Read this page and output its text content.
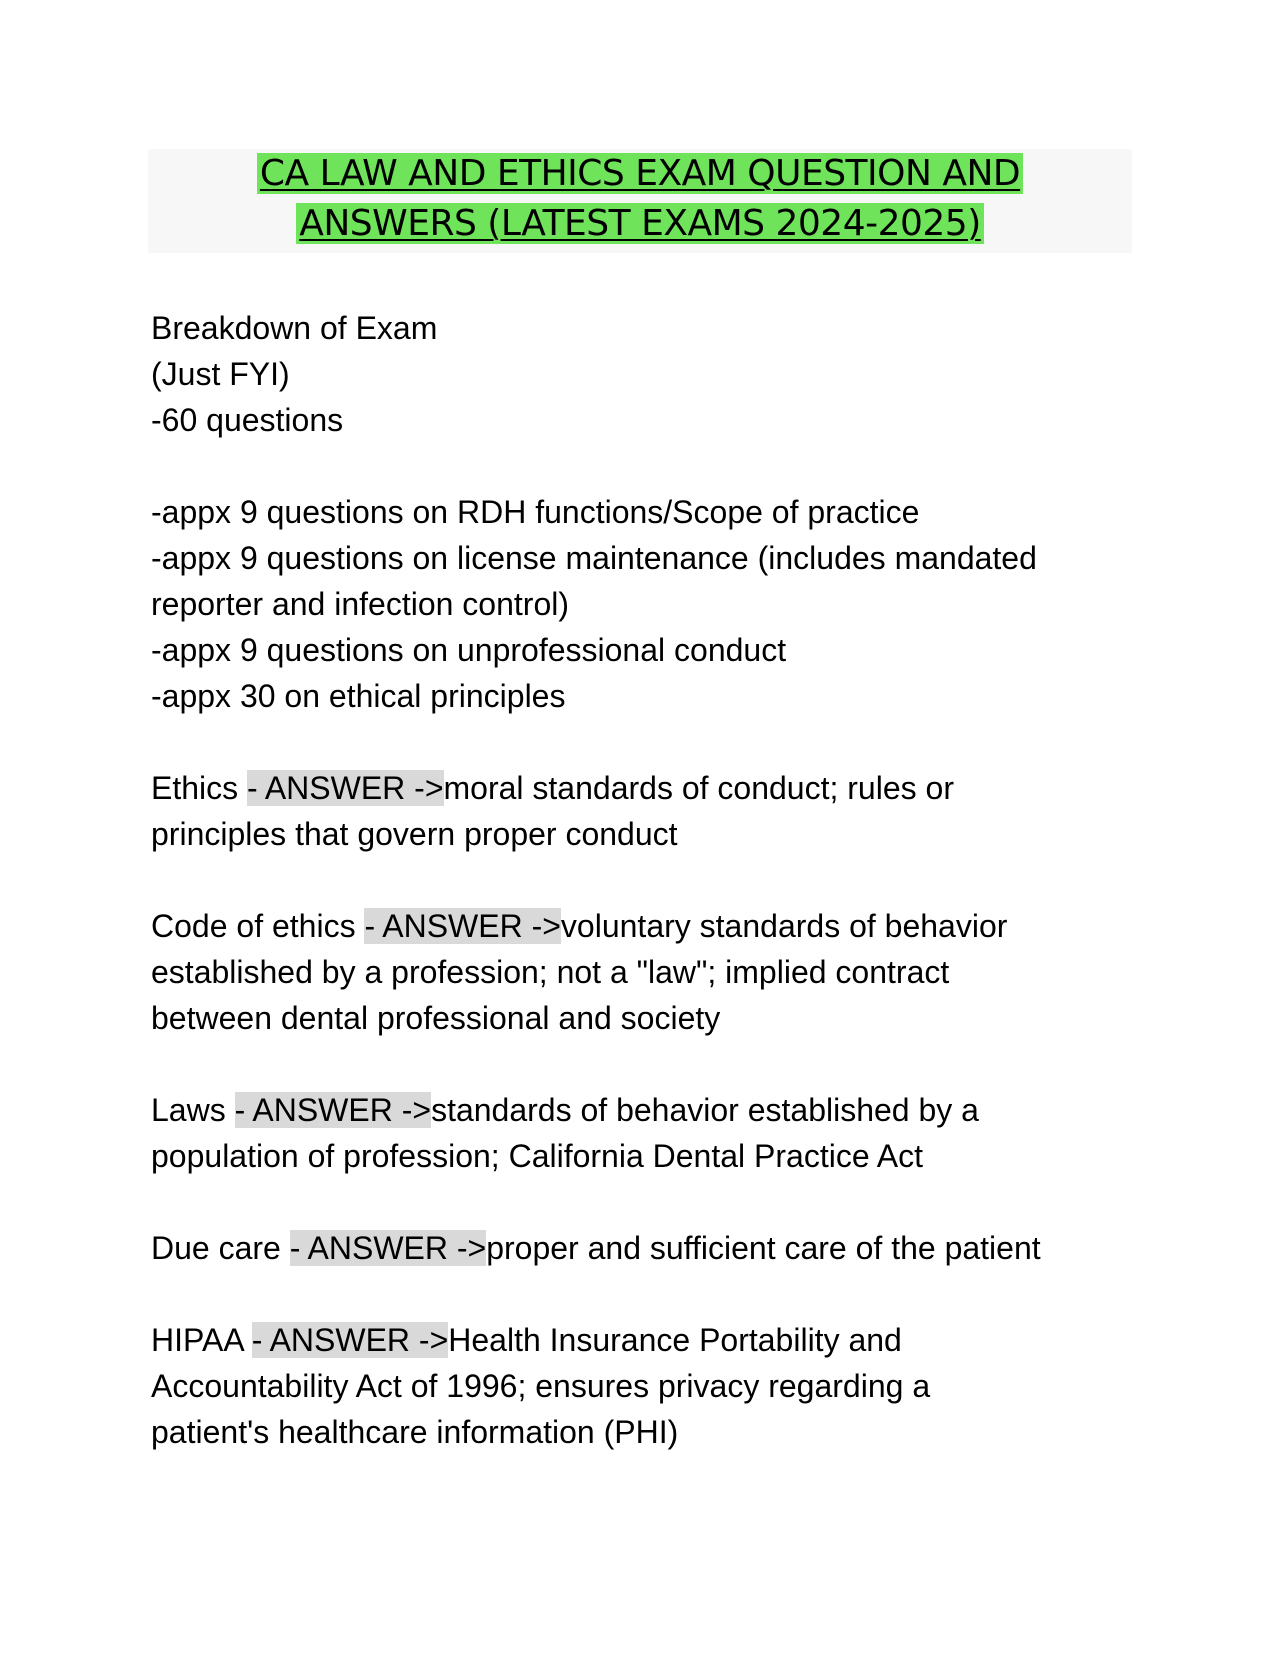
CA LAW AND ETHICS EXAM QUESTION AND
ANSWERS (LATEST EXAMS 2024-2025)
Breakdown of Exam
(Just FYI)
-60 questions
-appx 9 questions on RDH functions/Scope of practice
-appx 9 questions on license maintenance (includes mandated
reporter and infection control)
-appx 9 questions on unprofessional conduct
-appx 30 on ethical principles
Ethics - ANSWER ->moral standards of conduct; rules or
principles that govern proper conduct
Code of ethics - ANSWER ->voluntary standards of behavior
established by a profession; not a "law"; implied contract
between dental professional and society
Laws - ANSWER ->standards of behavior established by a
population of profession; California Dental Practice Act
Due care - ANSWER ->proper and sufficient care of the patient
HIPAA - ANSWER ->Health Insurance Portability and
Accountability Act of 1996; ensures privacy regarding a
patient's healthcare information (PHI)
